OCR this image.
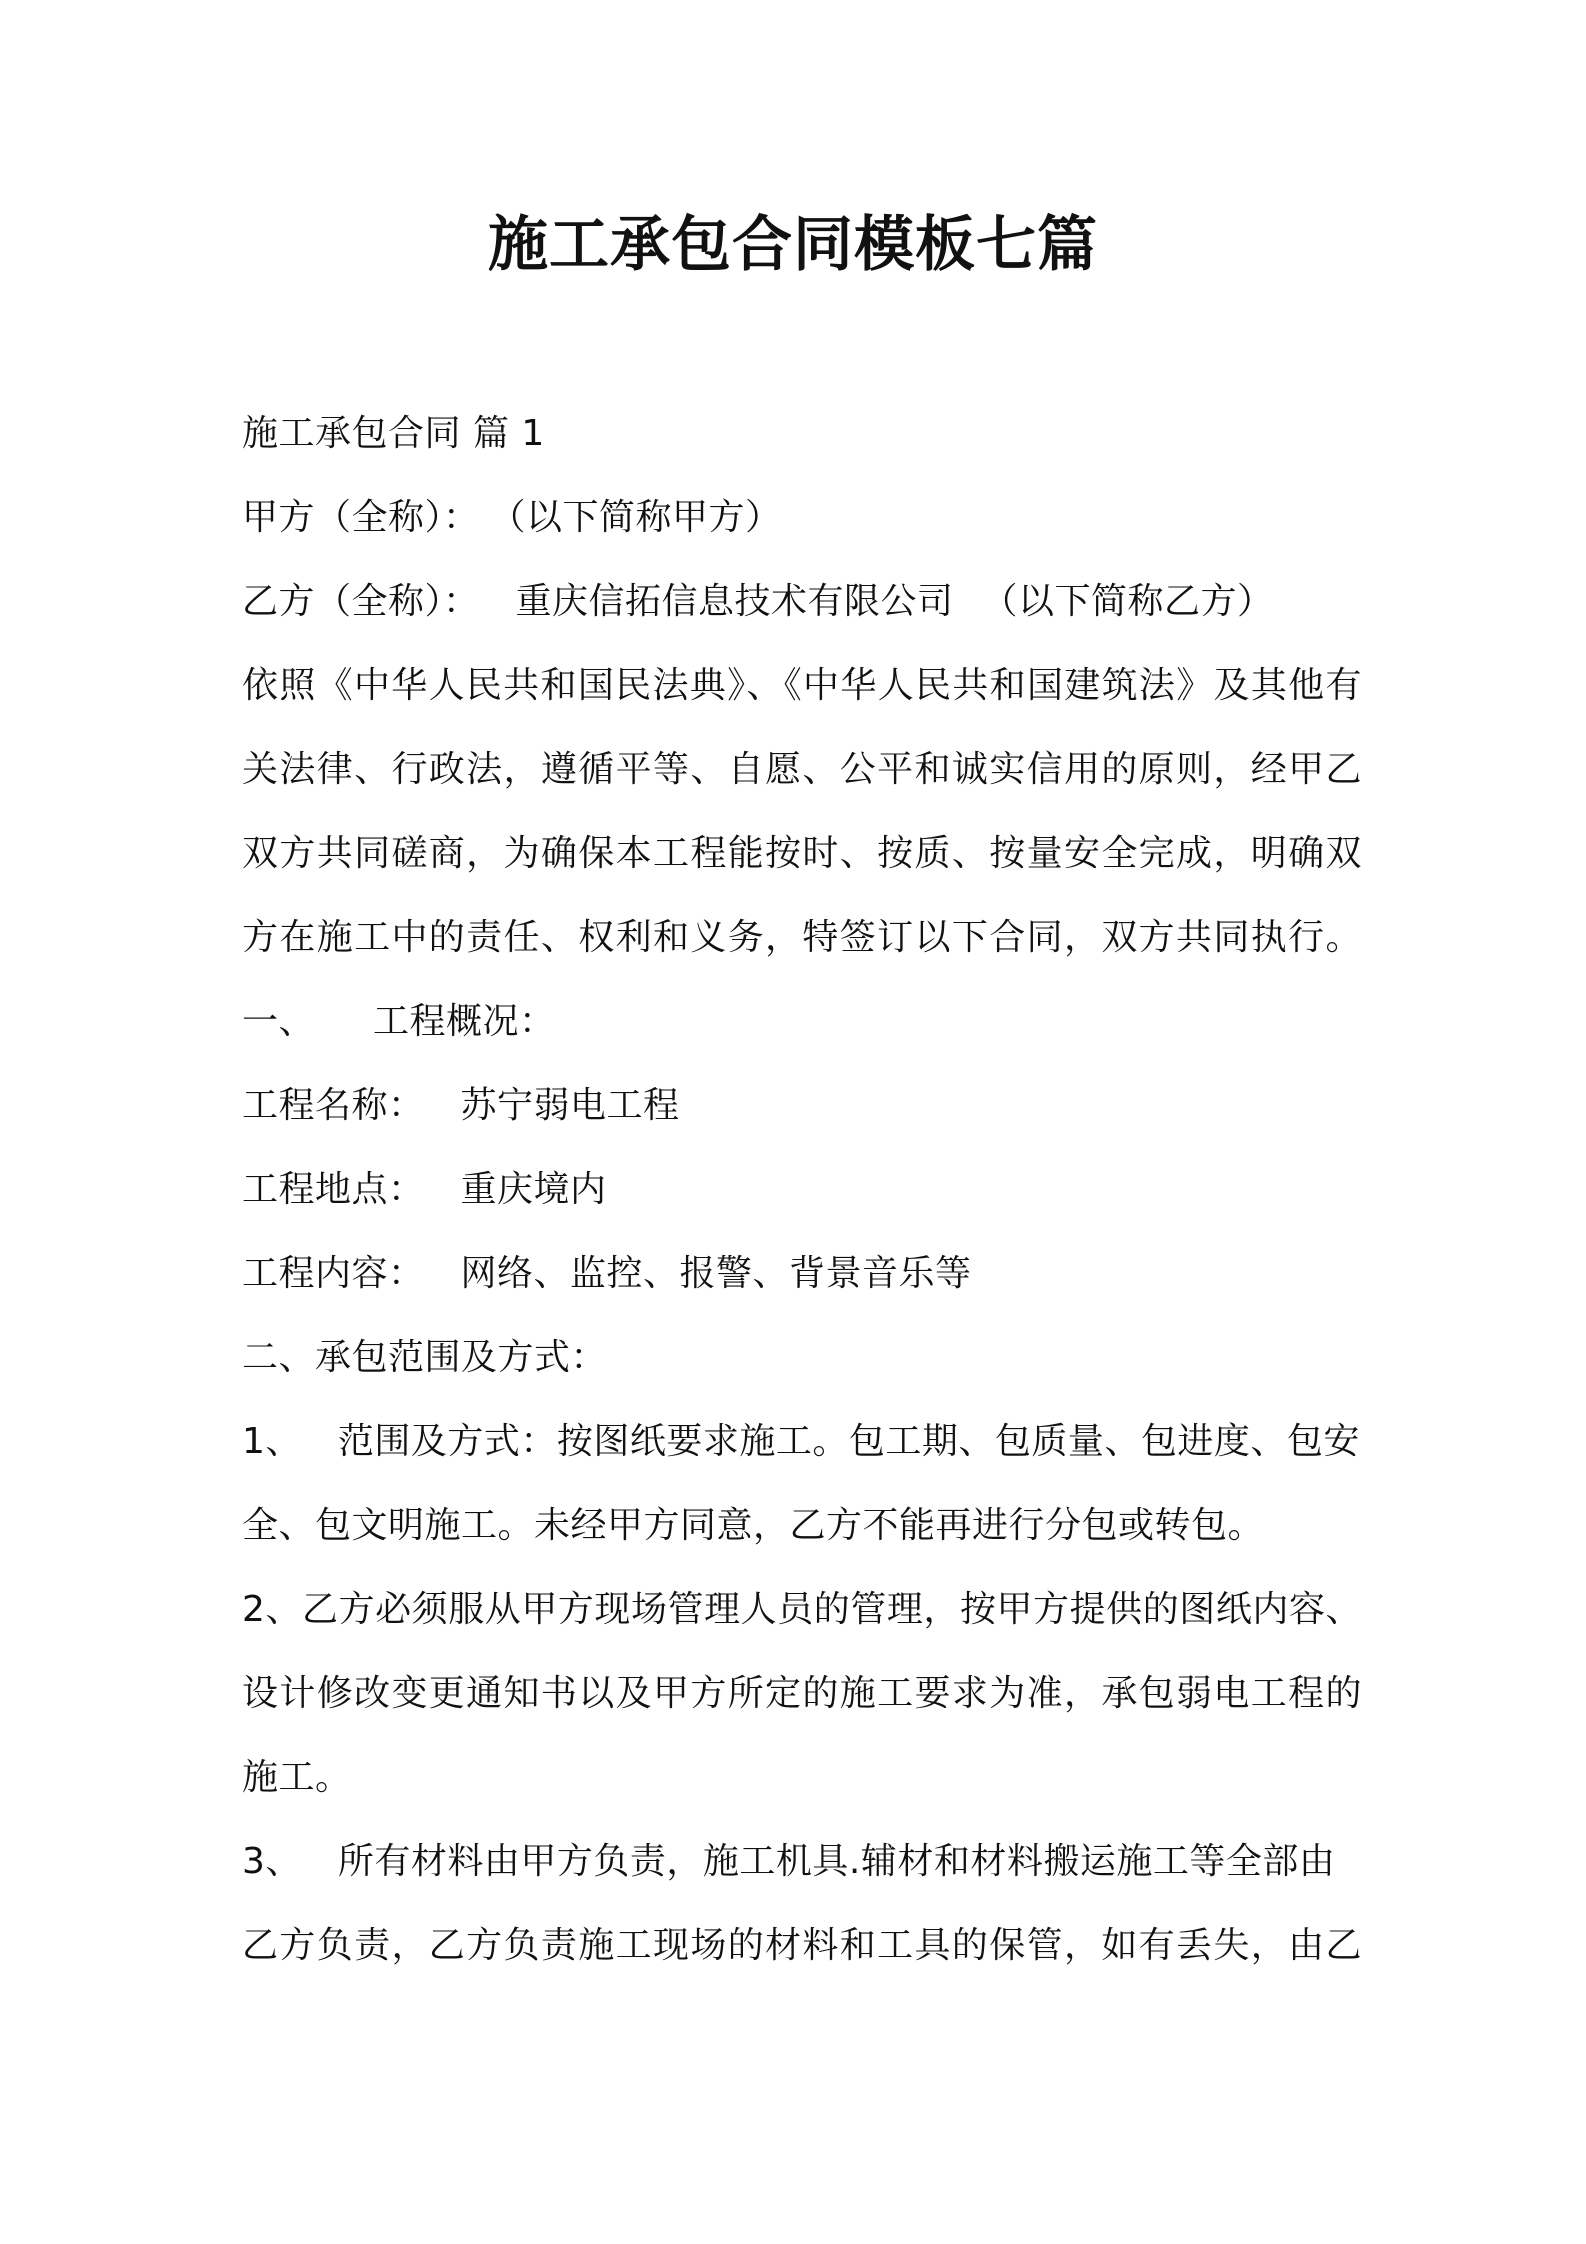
施工承包合同模板七篇
施工承包合同 篇 1
甲方（全称）： （以下简称甲方）
乙方（全称）： 重庆信拓信息技术有限公司 （以下简称乙方）
依照《中华人民共和国民法典》、《中华人民共和国建筑法》及其他有
关法律、行政法，遵循平等、自愿、公平和诚实信用的原则，经甲乙
双方共同磋商，为确保本工程能按时、按质、按量安全完成，明确双
方在施工中的责任、权利和义务，特签订以下合同，双方共同执行。
一、 工程概况：
工程名称： 苏宁弱电工程
工程地点： 重庆境内
工程内容： 网络、监控、报警、背景音乐等
二、承包范围及方式：
1、 范围及方式：按图纸要求施工。包工期、包质量、包进度、包安
全、包文明施工。未经甲方同意，乙方不能再进行分包或转包。
2、乙方必须服从甲方现场管理人员的管理，按甲方提供的图纸内容、
设计修改变更通知书以及甲方所定的施工要求为准，承包弱电工程的
施工。
3、 所有材料由甲方负责，施工机具.辅材和材料搬运施工等全部由
乙方负责，乙方负责施工现场的材料和工具的保管，如有丢失，由乙
